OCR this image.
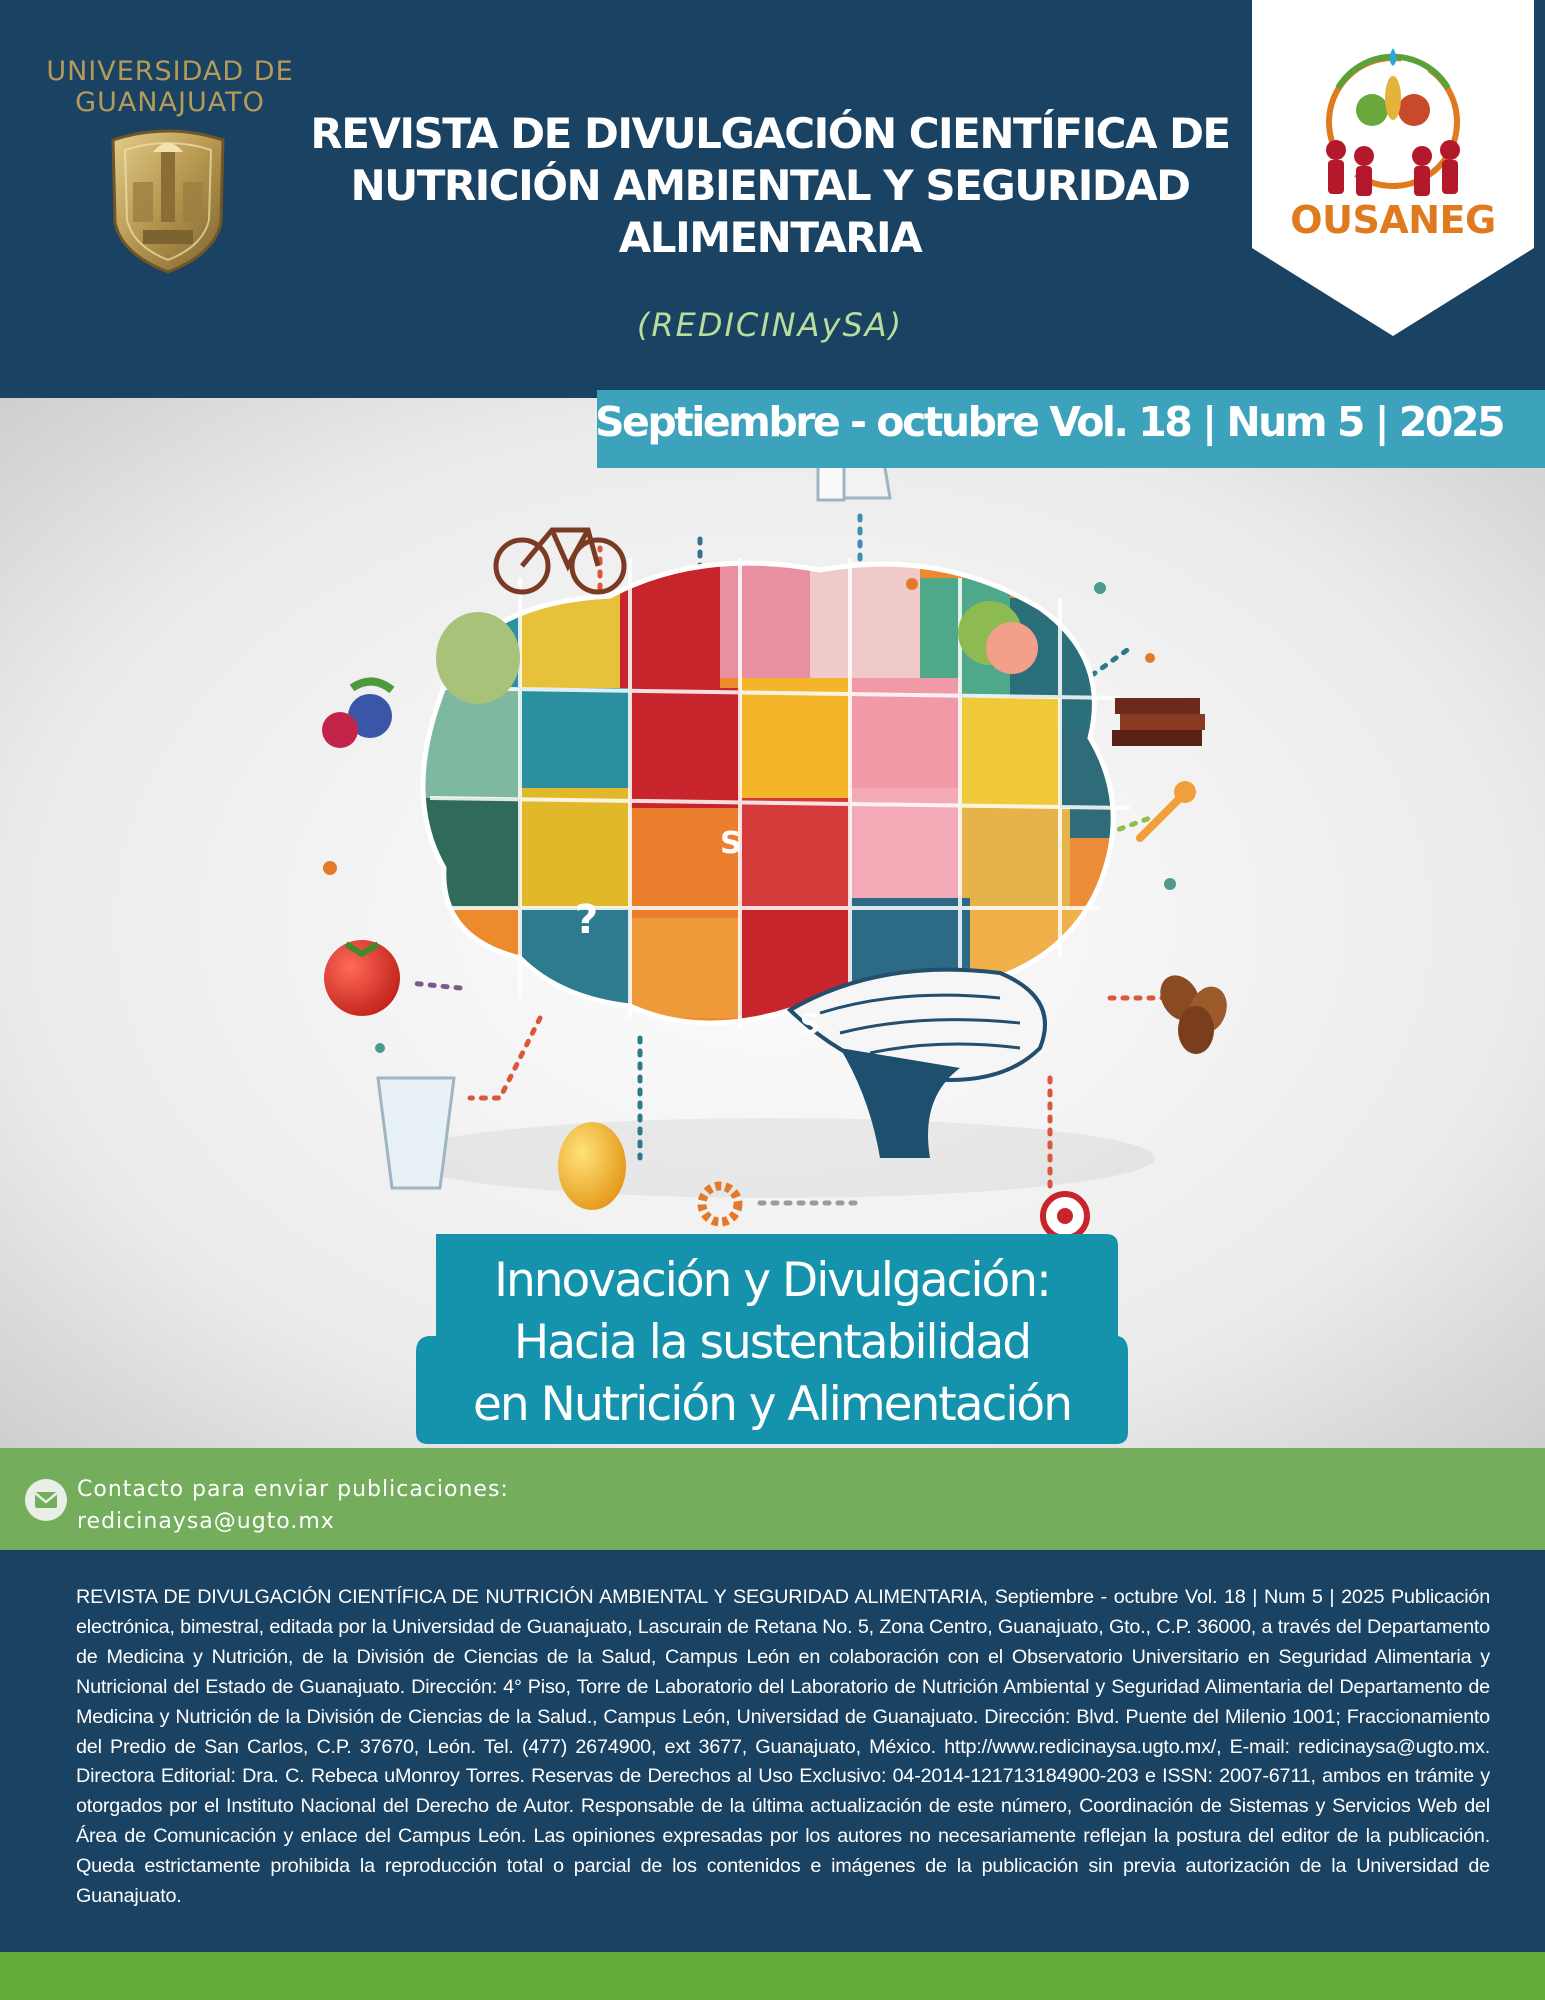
UNIVERSIDAD DE
GUANAJUATO
REVISTA DE DIVULGACIÓN CIENTÍFICA DE NUTRICIÓN AMBIENTAL Y SEGURIDAD ALIMENTARIA
(REDICINAySA)
OUSANEG
?
S
S
Septiembre - octubre Vol. 18 | Num 5 | 2025
Innovación y Divulgación:
Hacia la sustentabilidad
en Nutrición y Alimentación
Contacto para enviar publicaciones:
redicinaysa@ugto.mx

REVISTA DE DIVULGACIÓN CIENTÍFICA DE NUTRICIÓN AMBIENTAL Y SEGURIDAD ALIMENTARIA, Septiembre - octubre Vol. 18 | Num 5 | 2025 Publicación electrónica, bimestral, editada por la Universidad de Guanajuato, Lascurain de Retana No. 5, Zona Centro, Guanajuato, Gto., C.P. 36000, a través del Departamento de Medicina y Nutrición, de la División de Ciencias de la Salud, Campus León en colaboración con el Observatorio Universitario en Seguridad Alimentaria y Nutricional del Estado de Guanajuato. Dirección: 4° Piso, Torre de Laboratorio del Laboratorio de Nutrición Ambiental y Seguridad Alimentaria del Departamento de Medicina y Nutrición de la División de Ciencias de la Salud., Campus León, Universidad de Guanajuato. Dirección: Blvd. Puente del Milenio 1001; Fraccionamiento del Predio de San Carlos, C.P. 37670, León. Tel. (477) 2674900, ext 3677, Guanajuato, México. http://www.redicinaysa.ugto.mx/, E-mail: redicinaysa@ugto.mx. Directora Editorial: Dra. C. Rebeca uMonroy Torres. Reservas de Derechos al Uso Exclusivo: 04-2014-121713184900-203 e ISSN: 2007-6711, ambos en trámite y otorgados por el Instituto Nacional del Derecho de Autor. Responsable de la última actualización de este número, Coordinación de Sistemas y Servicios Web del Área de Comunicación y enlace del Campus León. Las opiniones expresadas por los autores no necesariamente reflejan la postura del editor de la publicación. Queda estrictamente prohibida la reproducción total o parcial de los contenidos e imágenes de la publicación sin previa autorización de la Universidad de Guanajuato.
